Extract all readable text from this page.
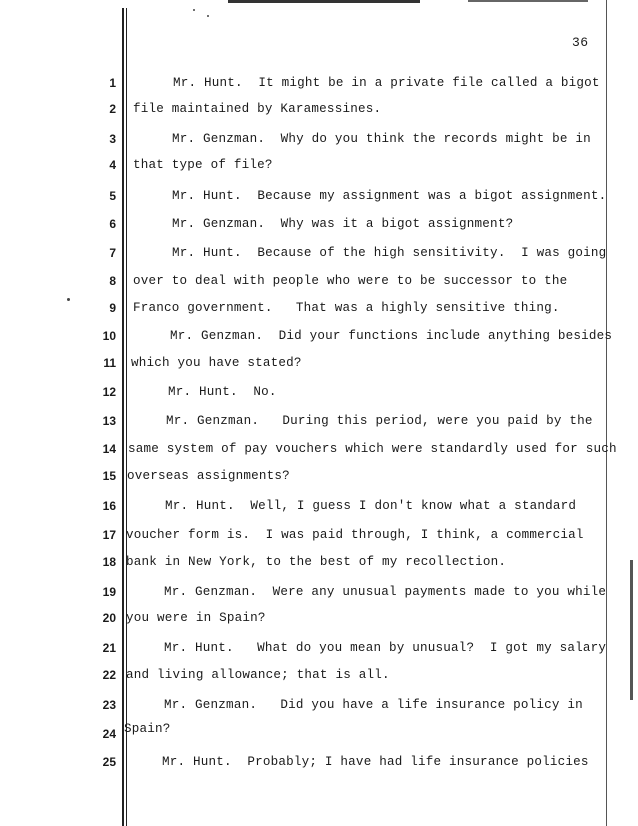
36
1	Mr. Hunt.  It might be in a private file called a bigot
2 file maintained by Karamessines.
3	Mr. Genzman.  Why do you think the records might be in
4 that type of file?
5	Mr. Hunt.  Because my assignment was a bigot assignment.
6	Mr. Genzman.  Why was it a bigot assignment?
7	Mr. Hunt.  Because of the high sensitivity.  I was going
8 over to deal with people who were to be successor to the
9 Franco government.   That was a highly sensitive thing.
10	Mr. Genzman.  Did your functions include anything besides
11 which you have stated?
12	Mr. Hunt.  No.
13	Mr. Genzman.   During this period, were you paid by the
14 same system of pay vouchers which were standardly used for such
15 overseas assignments?
16	Mr. Hunt.  Well, I guess I don't know what a standard
17 voucher form is.  I was paid through, I think, a commercial
18 bank in New York, to the best of my recollection.
19	Mr. Genzman.  Were any unusual payments made to you while
20 you were in Spain?
21	Mr. Hunt.   What do you mean by unusual?  I got my salary
22 and living allowance; that is all.
23	Mr. Genzman.   Did you have a life insurance policy in
24 Spain?
25	Mr. Hunt.  Probably; I have had life insurance policies
